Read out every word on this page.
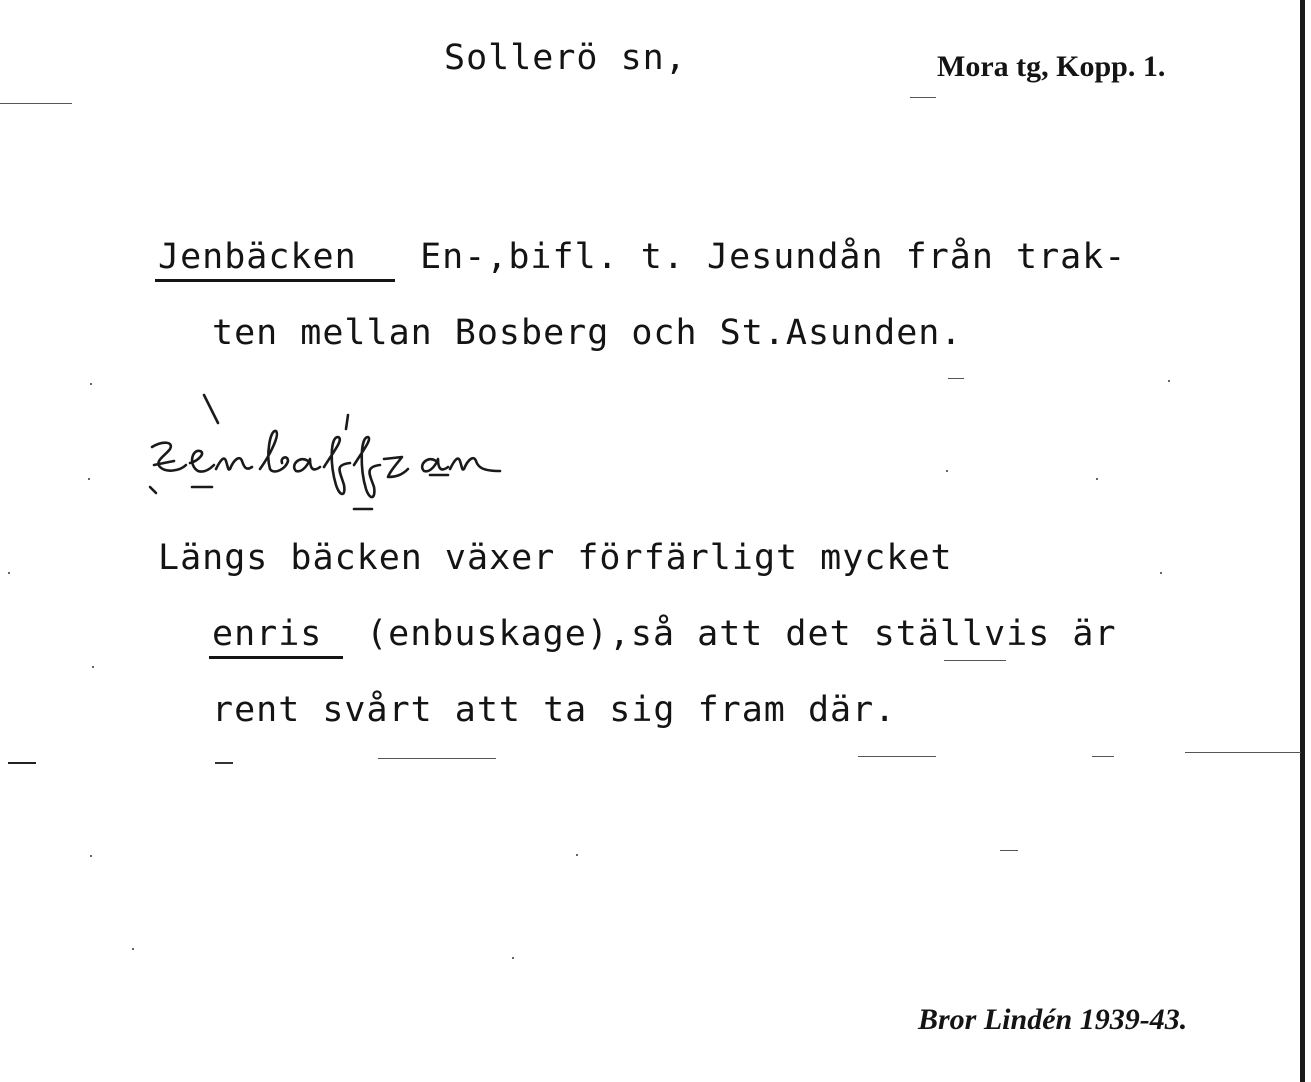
Sollerö sn,	Mora tg, Kopp. 1.
Jenbäcken En-,bifl. t. Jesundån från trak-
ten mellan Bosberg och St.Asunden.
Längs bäcken växer förfärligt mycket
enris (enbuskage),så att det ställvis är
rent svårt att ta sig fram där.
Bror Lindén 1939-43.
